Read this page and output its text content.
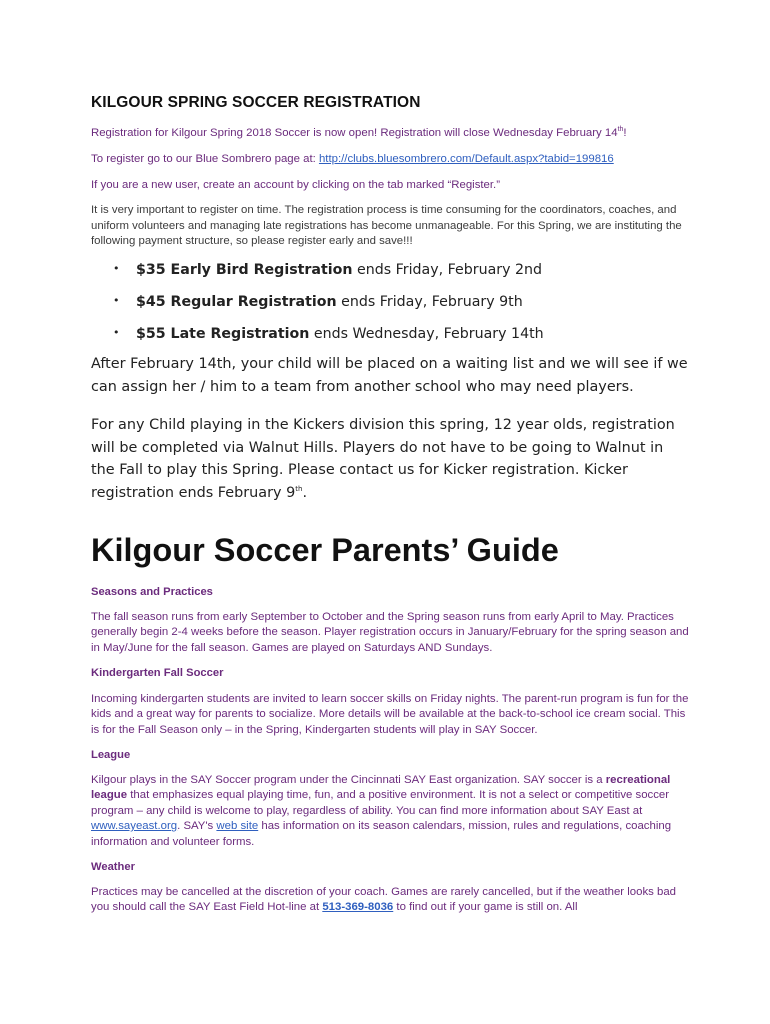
KILGOUR SPRING SOCCER REGISTRATION
Registration for Kilgour Spring 2018 Soccer is now open! Registration will close Wednesday February 14th!
To register go to our Blue Sombrero page at: http://clubs.bluesombrero.com/Default.aspx?tabid=199816
If you are a new user, create an account by clicking on the tab marked “Register.”
It is very important to register on time. The registration process is time consuming for the coordinators, coaches, and uniform volunteers and managing late registrations has become unmanageable. For this Spring, we are instituting the following payment structure, so please register early and save!!!
• $35 Early Bird Registration ends Friday, February 2nd
• $45 Regular Registration ends Friday, February 9th
• $55 Late Registration ends Wednesday, February 14th
After February 14th, your child will be placed on a waiting list and we will see if we can assign her / him to a team from another school who may need players.
For any Child playing in the Kickers division this spring, 12 year olds, registration will be completed via Walnut Hills. Players do not have to be going to Walnut in the Fall to play this Spring. Please contact us for Kicker registration. Kicker registration ends February 9th.
Kilgour Soccer Parents’ Guide
Seasons and Practices
The fall season runs from early September to October and the Spring season runs from early April to May. Practices generally begin 2-4 weeks before the season. Player registration occurs in January/February for the spring season and in May/June for the fall season. Games are played on Saturdays AND Sundays.
Kindergarten Fall Soccer
Incoming kindergarten students are invited to learn soccer skills on Friday nights. The parent-run program is fun for the kids and a great way for parents to socialize. More details will be available at the back-to-school ice cream social. This is for the Fall Season only – in the Spring, Kindergarten students will play in SAY Soccer.
League
Kilgour plays in the SAY Soccer program under the Cincinnati SAY East organization. SAY soccer is a recreational league that emphasizes equal playing time, fun, and a positive environment. It is not a select or competitive soccer program – any child is welcome to play, regardless of ability. You can find more information about SAY East at www.sayeast.org. SAY's web site has information on its season calendars, mission, rules and regulations, coaching information and volunteer forms.
Weather
Practices may be cancelled at the discretion of your coach. Games are rarely cancelled, but if the weather looks bad you should call the SAY East Field Hot-line at 513-369-8036 to find out if your game is still on. All
